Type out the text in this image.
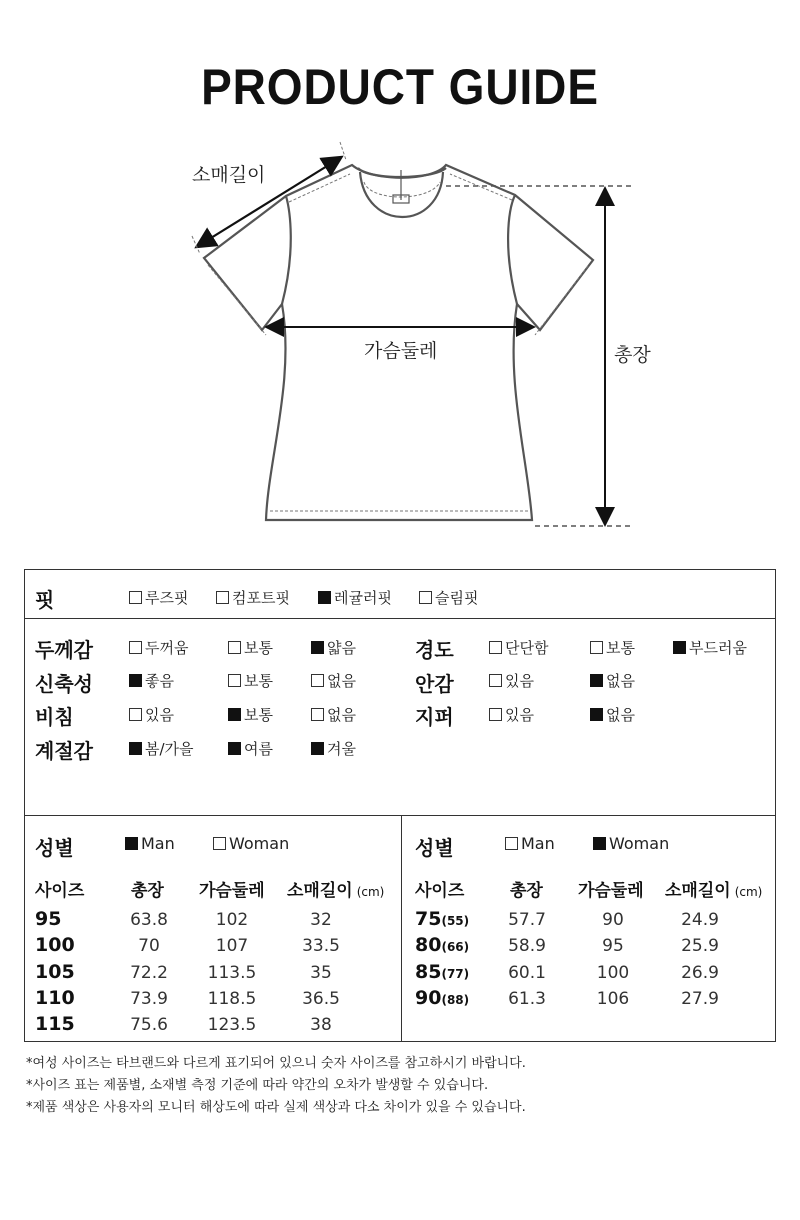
PRODUCT GUIDE
소매길이
가슴둘레	총장
핏	루즈핏	컴포트핏	레귤러핏	슬림핏
두께감	두꺼움	보통	얇음
신축성	좋음	보통	없음
비침	있음	보통	없음
계절감	봄/가을	여름	겨울
경도	단단함	보통	부드러움
안감	있음	없음
지퍼	있음	없음
성별	Man	Woman
사이즈	총장 가슴둘레 소매길이 (cm)
95	63.8	102	32
100	70	107	33.5
105	72.2	113.5	35
110	73.9	118.5	36.5
115	75.6	123.5	38
성별	Man	Woman
사이즈	총장 가슴둘레 소매길이 (cm)
75(55)	57.7	90	24.9
80(66)	58.9	95	25.9
85(77)	60.1	100	26.9
90(88)	61.3	106	27.9
*여성 사이즈는 타브랜드와 다르게 표기되어 있으니 숫자 사이즈를 참고하시기 바랍니다.
*사이즈 표는 제품별, 소재별 측정 기준에 따라 약간의 오차가 발생할 수 있습니다.
*제품 색상은 사용자의 모니터 해상도에 따라 실제 색상과 다소 차이가 있을 수 있습니다.
